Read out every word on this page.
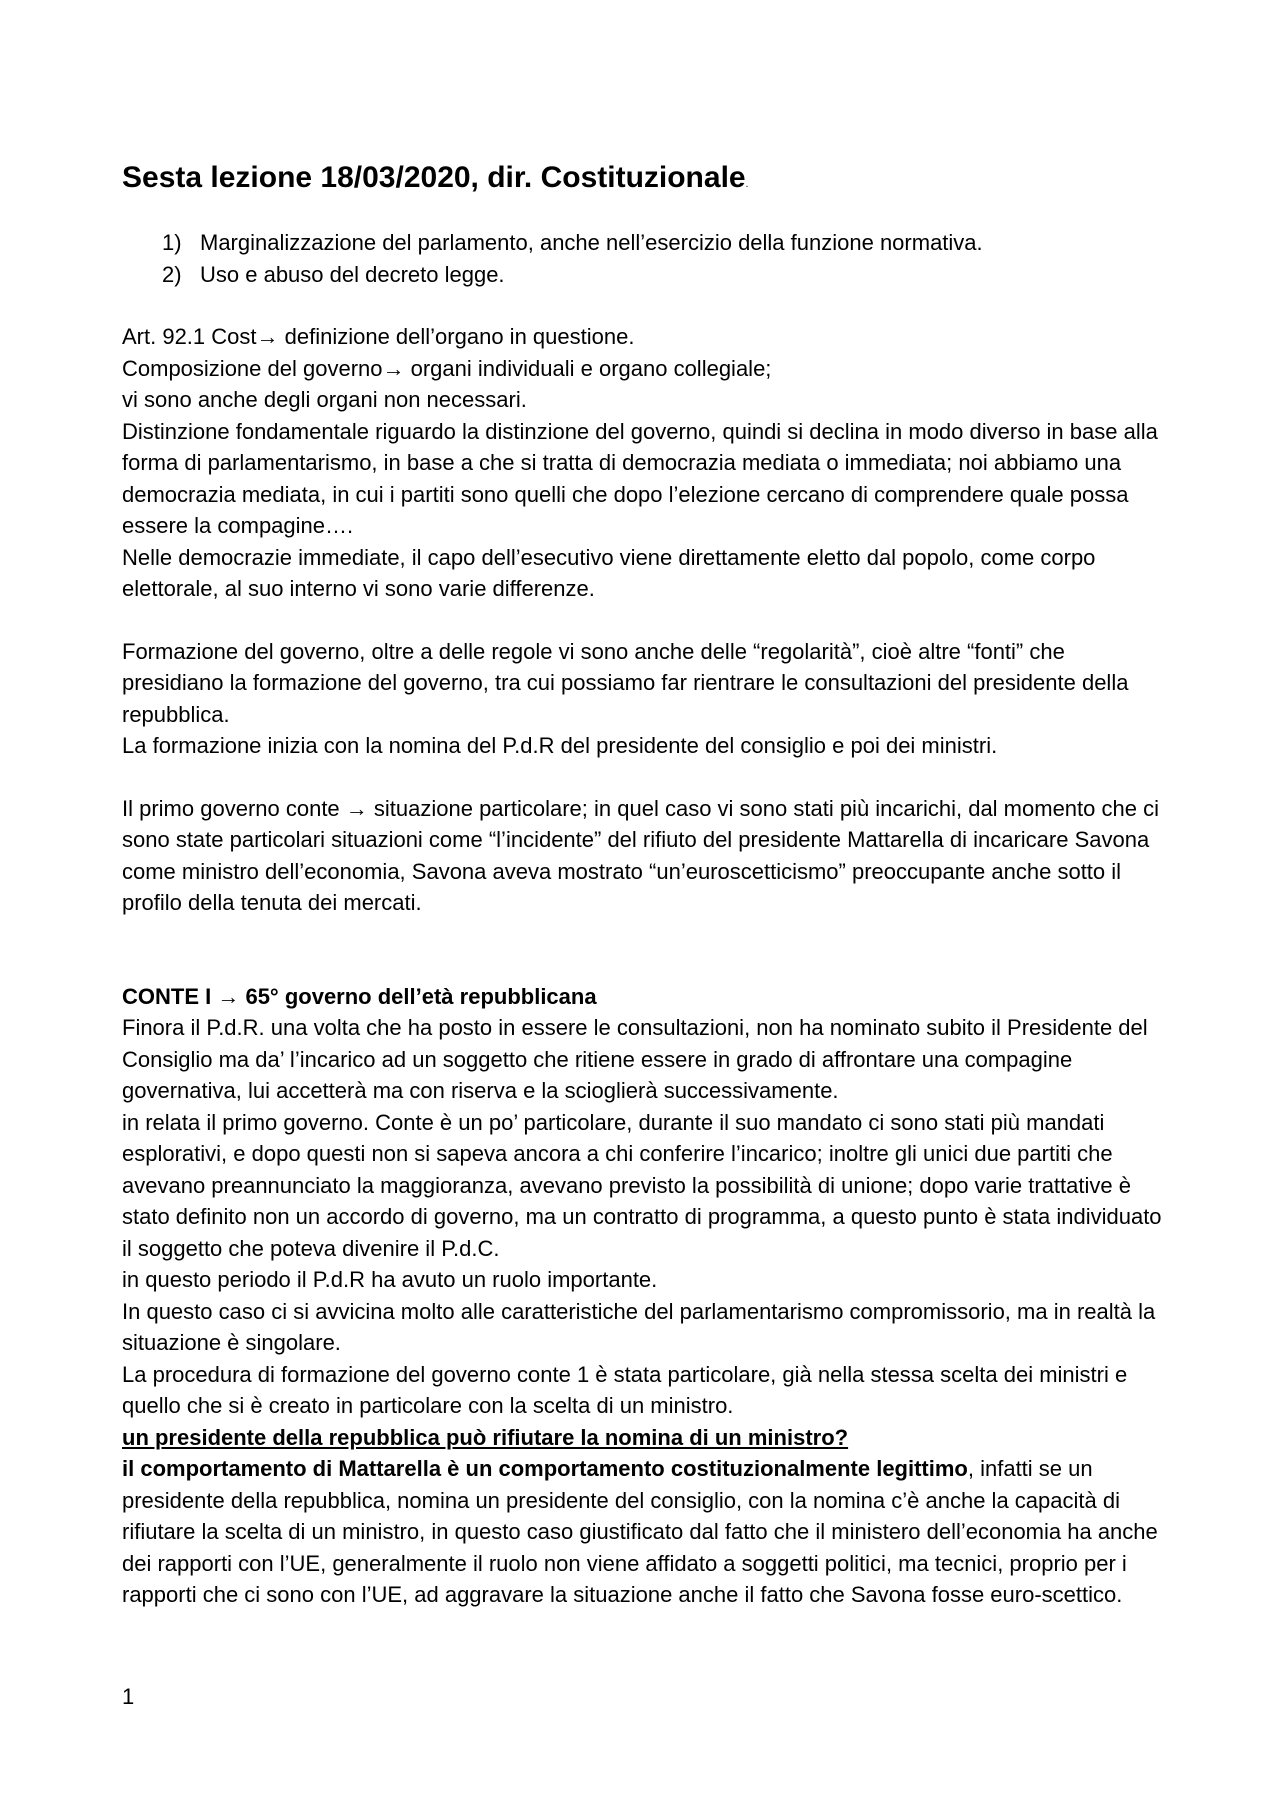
Sesta lezione 18/03/2020, dir. Costituzionale.
1) Marginalizzazione del parlamento, anche nell’esercizio della funzione normativa.
2) Uso e abuso del decreto legge.

Art. 92.1 Cost→ definizione dell’organo in questione.

Composizione del governo→ organi individuali e organo collegiale;

vi sono anche degli organi non necessari.

Distinzione fondamentale riguardo la distinzione del governo, quindi si declina in modo diverso in base alla forma di parlamentarismo, in base a che si tratta di democrazia mediata o immediata; noi abbiamo una democrazia mediata, in cui i partiti sono quelli che dopo l’elezione cercano di comprendere quale possa essere la compagine….

Nelle democrazie immediate, il capo dell’esecutivo viene direttamente eletto dal popolo, come corpo elettorale, al suo interno vi sono varie differenze.

Formazione del governo, oltre a delle regole vi sono anche delle “regolarità”, cioè altre “fonti” che presidiano la formazione del governo, tra cui possiamo far rientrare le consultazioni del presidente della repubblica.

La formazione inizia con la nomina del P.d.R del presidente del consiglio e poi dei ministri.

Il primo governo conte → situazione particolare; in quel caso vi sono stati più incarichi, dal momento che ci sono state particolari situazioni come “l’incidente” del rifiuto del presidente Mattarella di incaricare Savona come ministro dell’economia, Savona aveva mostrato “un’euroscetticismo” preoccupante anche sotto il profilo della tenuta dei mercati.

CONTE I → 65° governo dell’età repubblicana

Finora il P.d.R. una volta che ha posto in essere le consultazioni, non ha nominato subito il Presidente del Consiglio ma da’ l’incarico ad un soggetto che ritiene essere in grado di affrontare una compagine governativa, lui accetterà ma con riserva e la scioglierà successivamente.

in relata il primo governo. Conte è un po’ particolare, durante il suo mandato ci sono stati più mandati esplorativi, e dopo questi non si sapeva ancora a chi conferire l’incarico; inoltre gli unici due partiti che avevano preannunciato la maggioranza, avevano previsto la possibilità di unione; dopo varie trattative è stato definito non un accordo di governo, ma un contratto di programma, a questo punto è stata individuato il soggetto che poteva divenire il P.d.C.

in questo periodo il P.d.R ha avuto un ruolo importante.

In questo caso ci si avvicina molto alle caratteristiche del parlamentarismo compromissorio, ma in realtà la situazione è singolare.

La procedura di formazione del governo conte 1 è stata particolare, già nella stessa scelta dei ministri e quello che si è creato in particolare con la scelta di un ministro.

un presidente della repubblica può rifiutare la nomina di un ministro?

il comportamento di Mattarella è un comportamento costituzionalmente legittimo, infatti se un presidente della repubblica, nomina un presidente del consiglio, con la nomina c’è anche la capacità di rifiutare la scelta di un ministro, in questo caso giustificato dal fatto che il ministero dell’economia ha anche dei rapporti con l’UE, generalmente il ruolo non viene affidato a soggetti politici, ma tecnici, proprio per i rapporti che ci sono con l’UE, ad aggravare la situazione anche il fatto che Savona fosse euro-scettico.

1
